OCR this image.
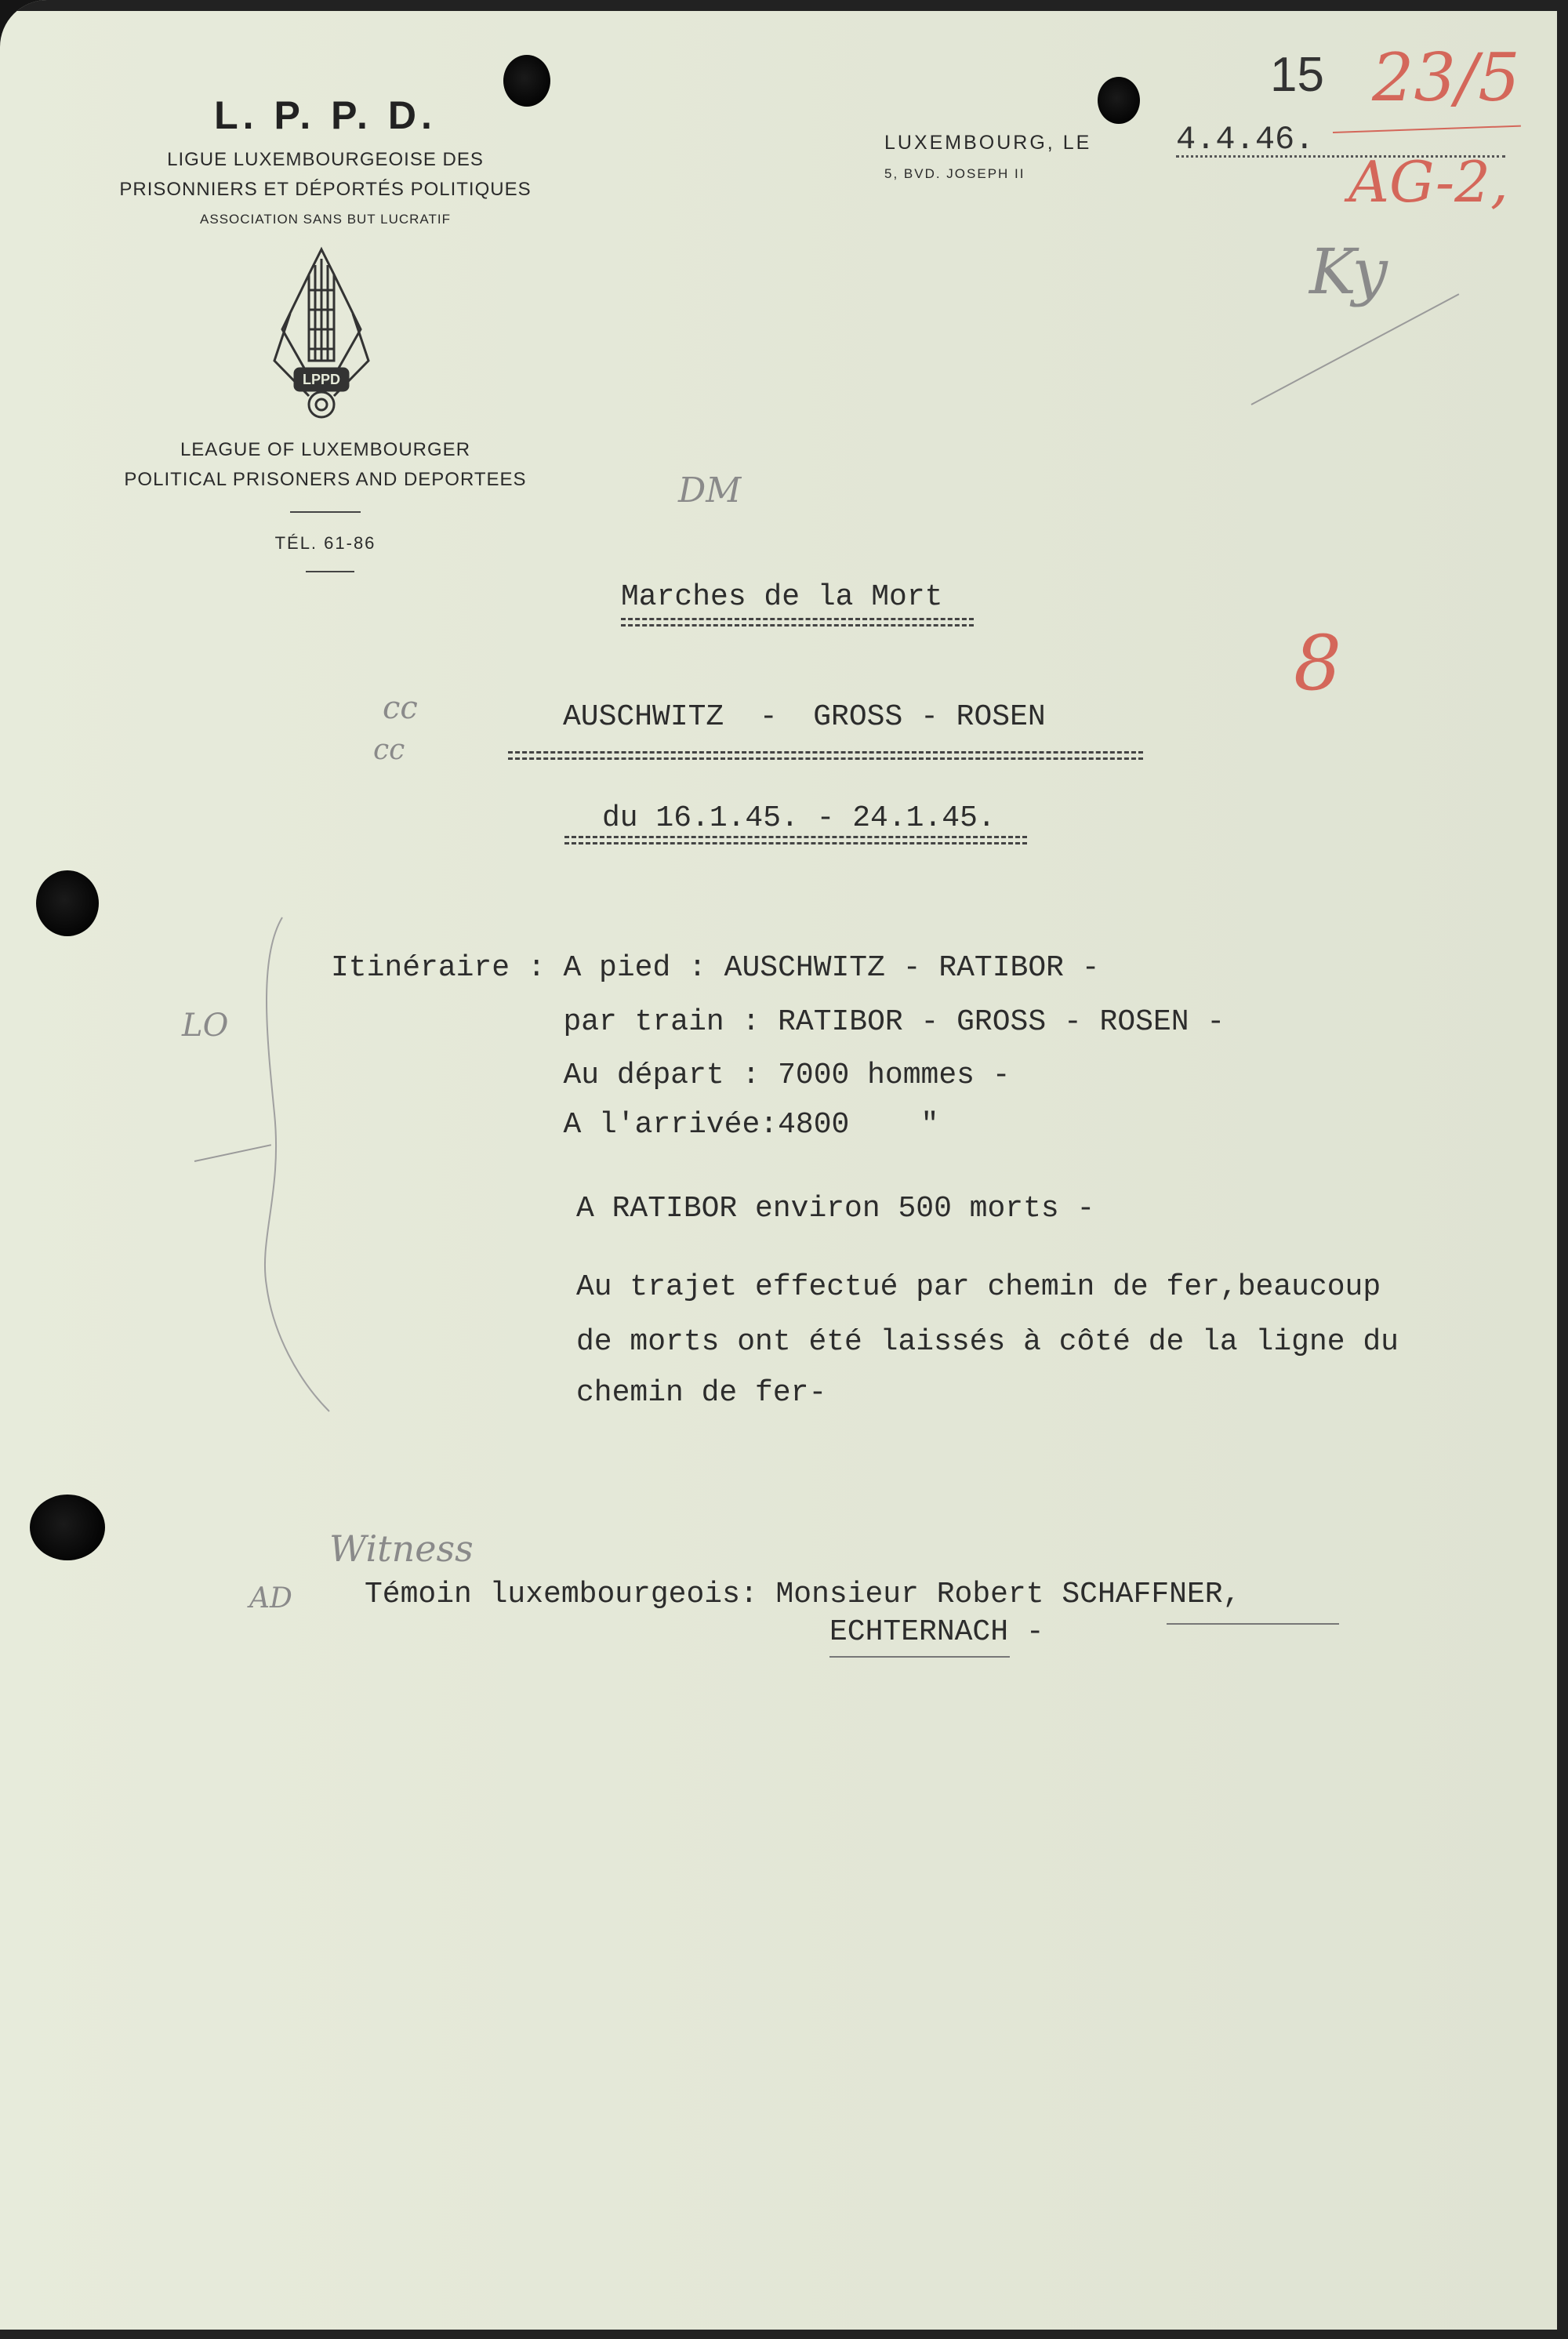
L. P. P. D.
LIGUE LUXEMBOURGEOISE DES
PRISONNIERS ET DÉPORTÉS POLITIQUES
ASSOCIATION SANS BUT LUCRATIF
LPPD
LEAGUE OF LUXEMBOURGER
POLITICAL PRISONERS AND DEPORTEES
TÉL. 61-86
LUXEMBOURG, LE	4.4.46.
5, BVD. JOSEPH II
15 23/5
AG-2,
Ky
DM
8
cc
cc
LO
AD
Witness
Marches de la Mort
AUSCHWITZ  -  GROSS - ROSEN
du 16.1.45. - 24.1.45.
Itinéraire : A pied : AUSCHWITZ - RATIBOR -
par train : RATIBOR - GROSS - ROSEN -
Au départ : 7000 hommes -
A l'arrivée:4800    "
A RATIBOR environ 500 morts -
Au trajet effectué par chemin de fer,beaucoup
de morts ont été laissés à côté de la ligne du
chemin de fer-
Témoin luxembourgeois: Monsieur Robert SCHAFFNER,
ECHTERNACH -
